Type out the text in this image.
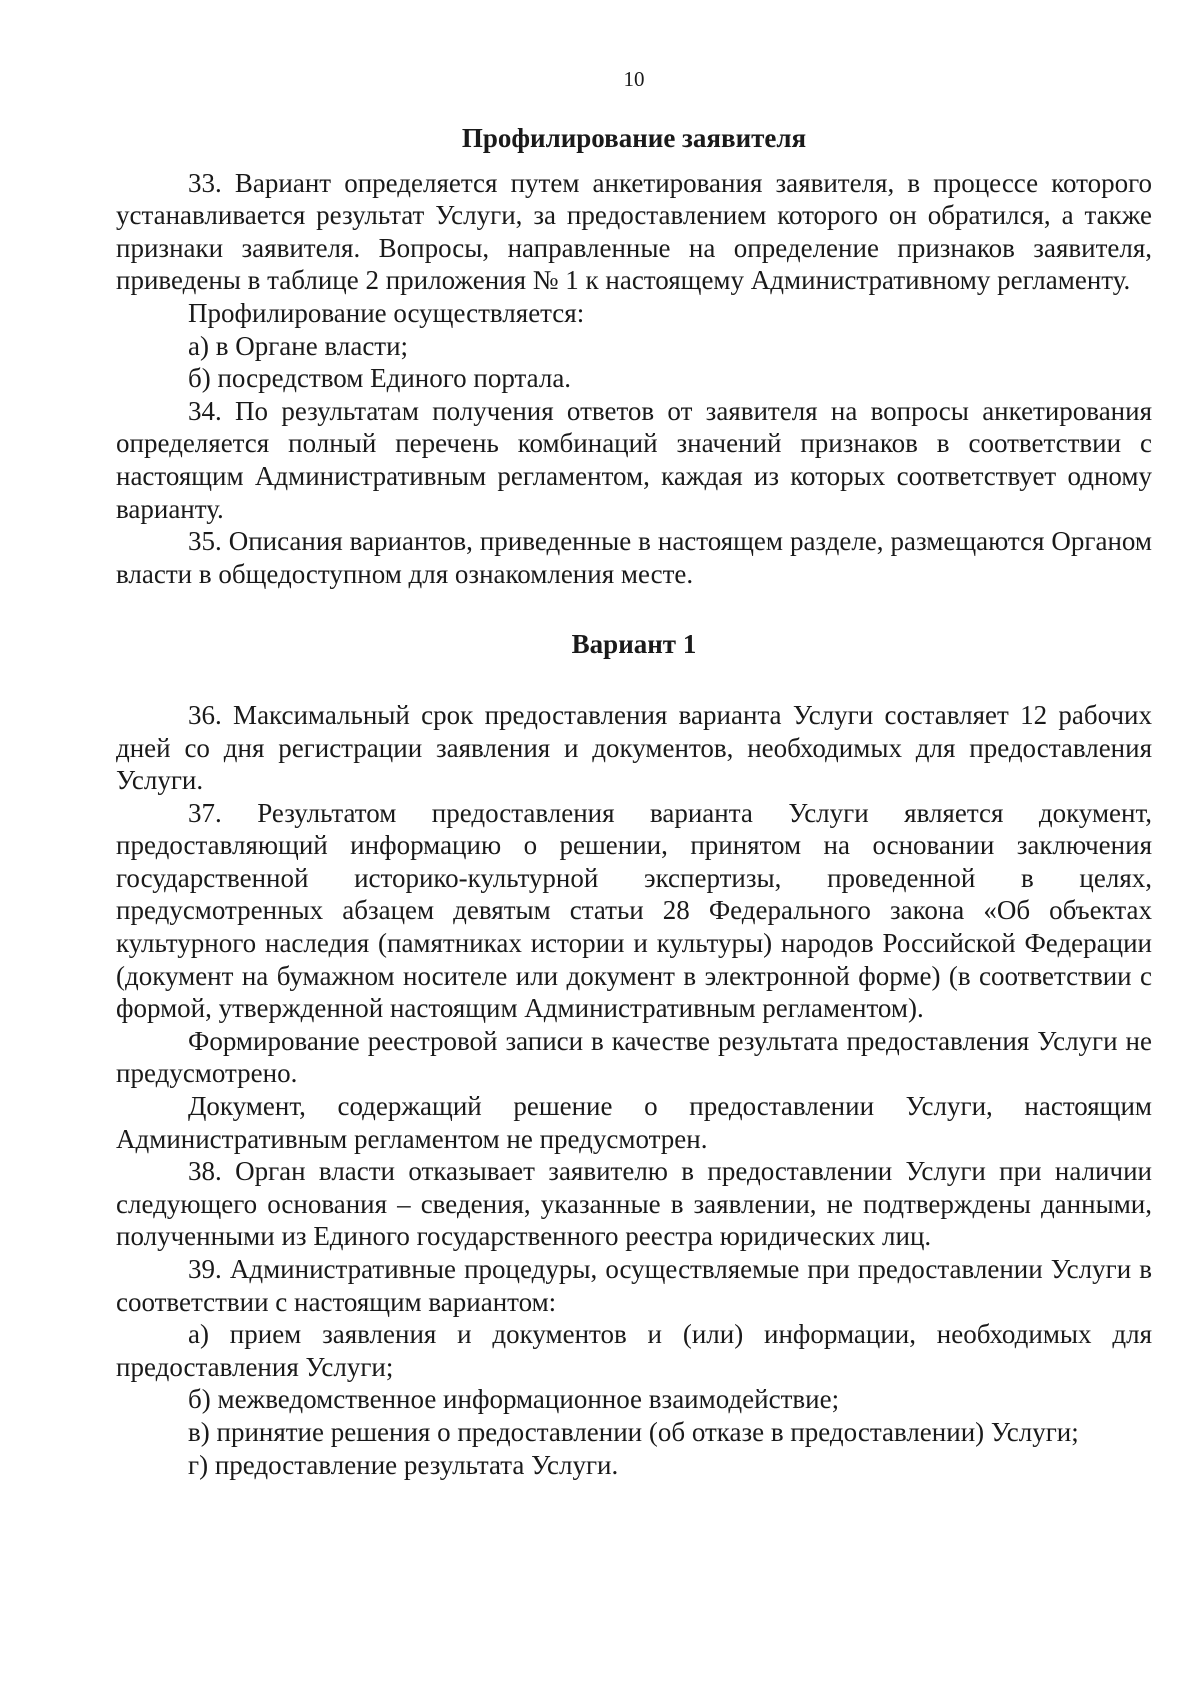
10
Профилирование заявителя

33. Вариант определяется путем анкетирования заявителя, в процессе которого устанавливается результат Услуги, за предоставлением которого он обратился, а также признаки заявителя. Вопросы, направленные на определение признаков заявителя, приведены в таблице 2 приложения № 1 к настоящему Административному регламенту.

Профилирование осуществляется:

а) в Органе власти;

б) посредством Единого портала.

34. По результатам получения ответов от заявителя на вопросы анкетирования определяется полный перечень комбинаций значений признаков в соответствии с настоящим Административным регламентом, каждая из которых соответствует одному варианту.

35. Описания вариантов, приведенные в настоящем разделе, размещаются Органом власти в общедоступном для ознакомления месте.

Вариант 1

36. Максимальный срок предоставления варианта Услуги составляет 12 рабочих дней со дня регистрации заявления и документов, необходимых для предоставления Услуги.

37. Результатом предоставления варианта Услуги является документ, предоставляющий информацию о решении, принятом на основании заключения государственной историко-культурной экспертизы, проведенной в целях, предусмотренных абзацем девятым статьи 28 Федерального закона «Об объектах культурного наследия (памятниках истории и культуры) народов Российской Федерации (документ на бумажном носителе или документ в электронной форме) (в соответствии с формой, утвержденной настоящим Административным регламентом).

Формирование реестровой записи в качестве результата предоставления Услуги не предусмотрено.

Документ, содержащий решение о предоставлении Услуги, настоящим Административным регламентом не предусмотрен.

38. Орган власти отказывает заявителю в предоставлении Услуги при наличии следующего основания – сведения, указанные в заявлении, не подтверждены данными, полученными из Единого государственного реестра юридических лиц.

39. Административные процедуры, осуществляемые при предоставлении Услуги в соответствии с настоящим вариантом:

а) прием заявления и документов и (или) информации, необходимых для предоставления Услуги;

б) межведомственное информационное взаимодействие;

в) принятие решения о предоставлении (об отказе в предоставлении) Услуги;

г) предоставление результата Услуги.
